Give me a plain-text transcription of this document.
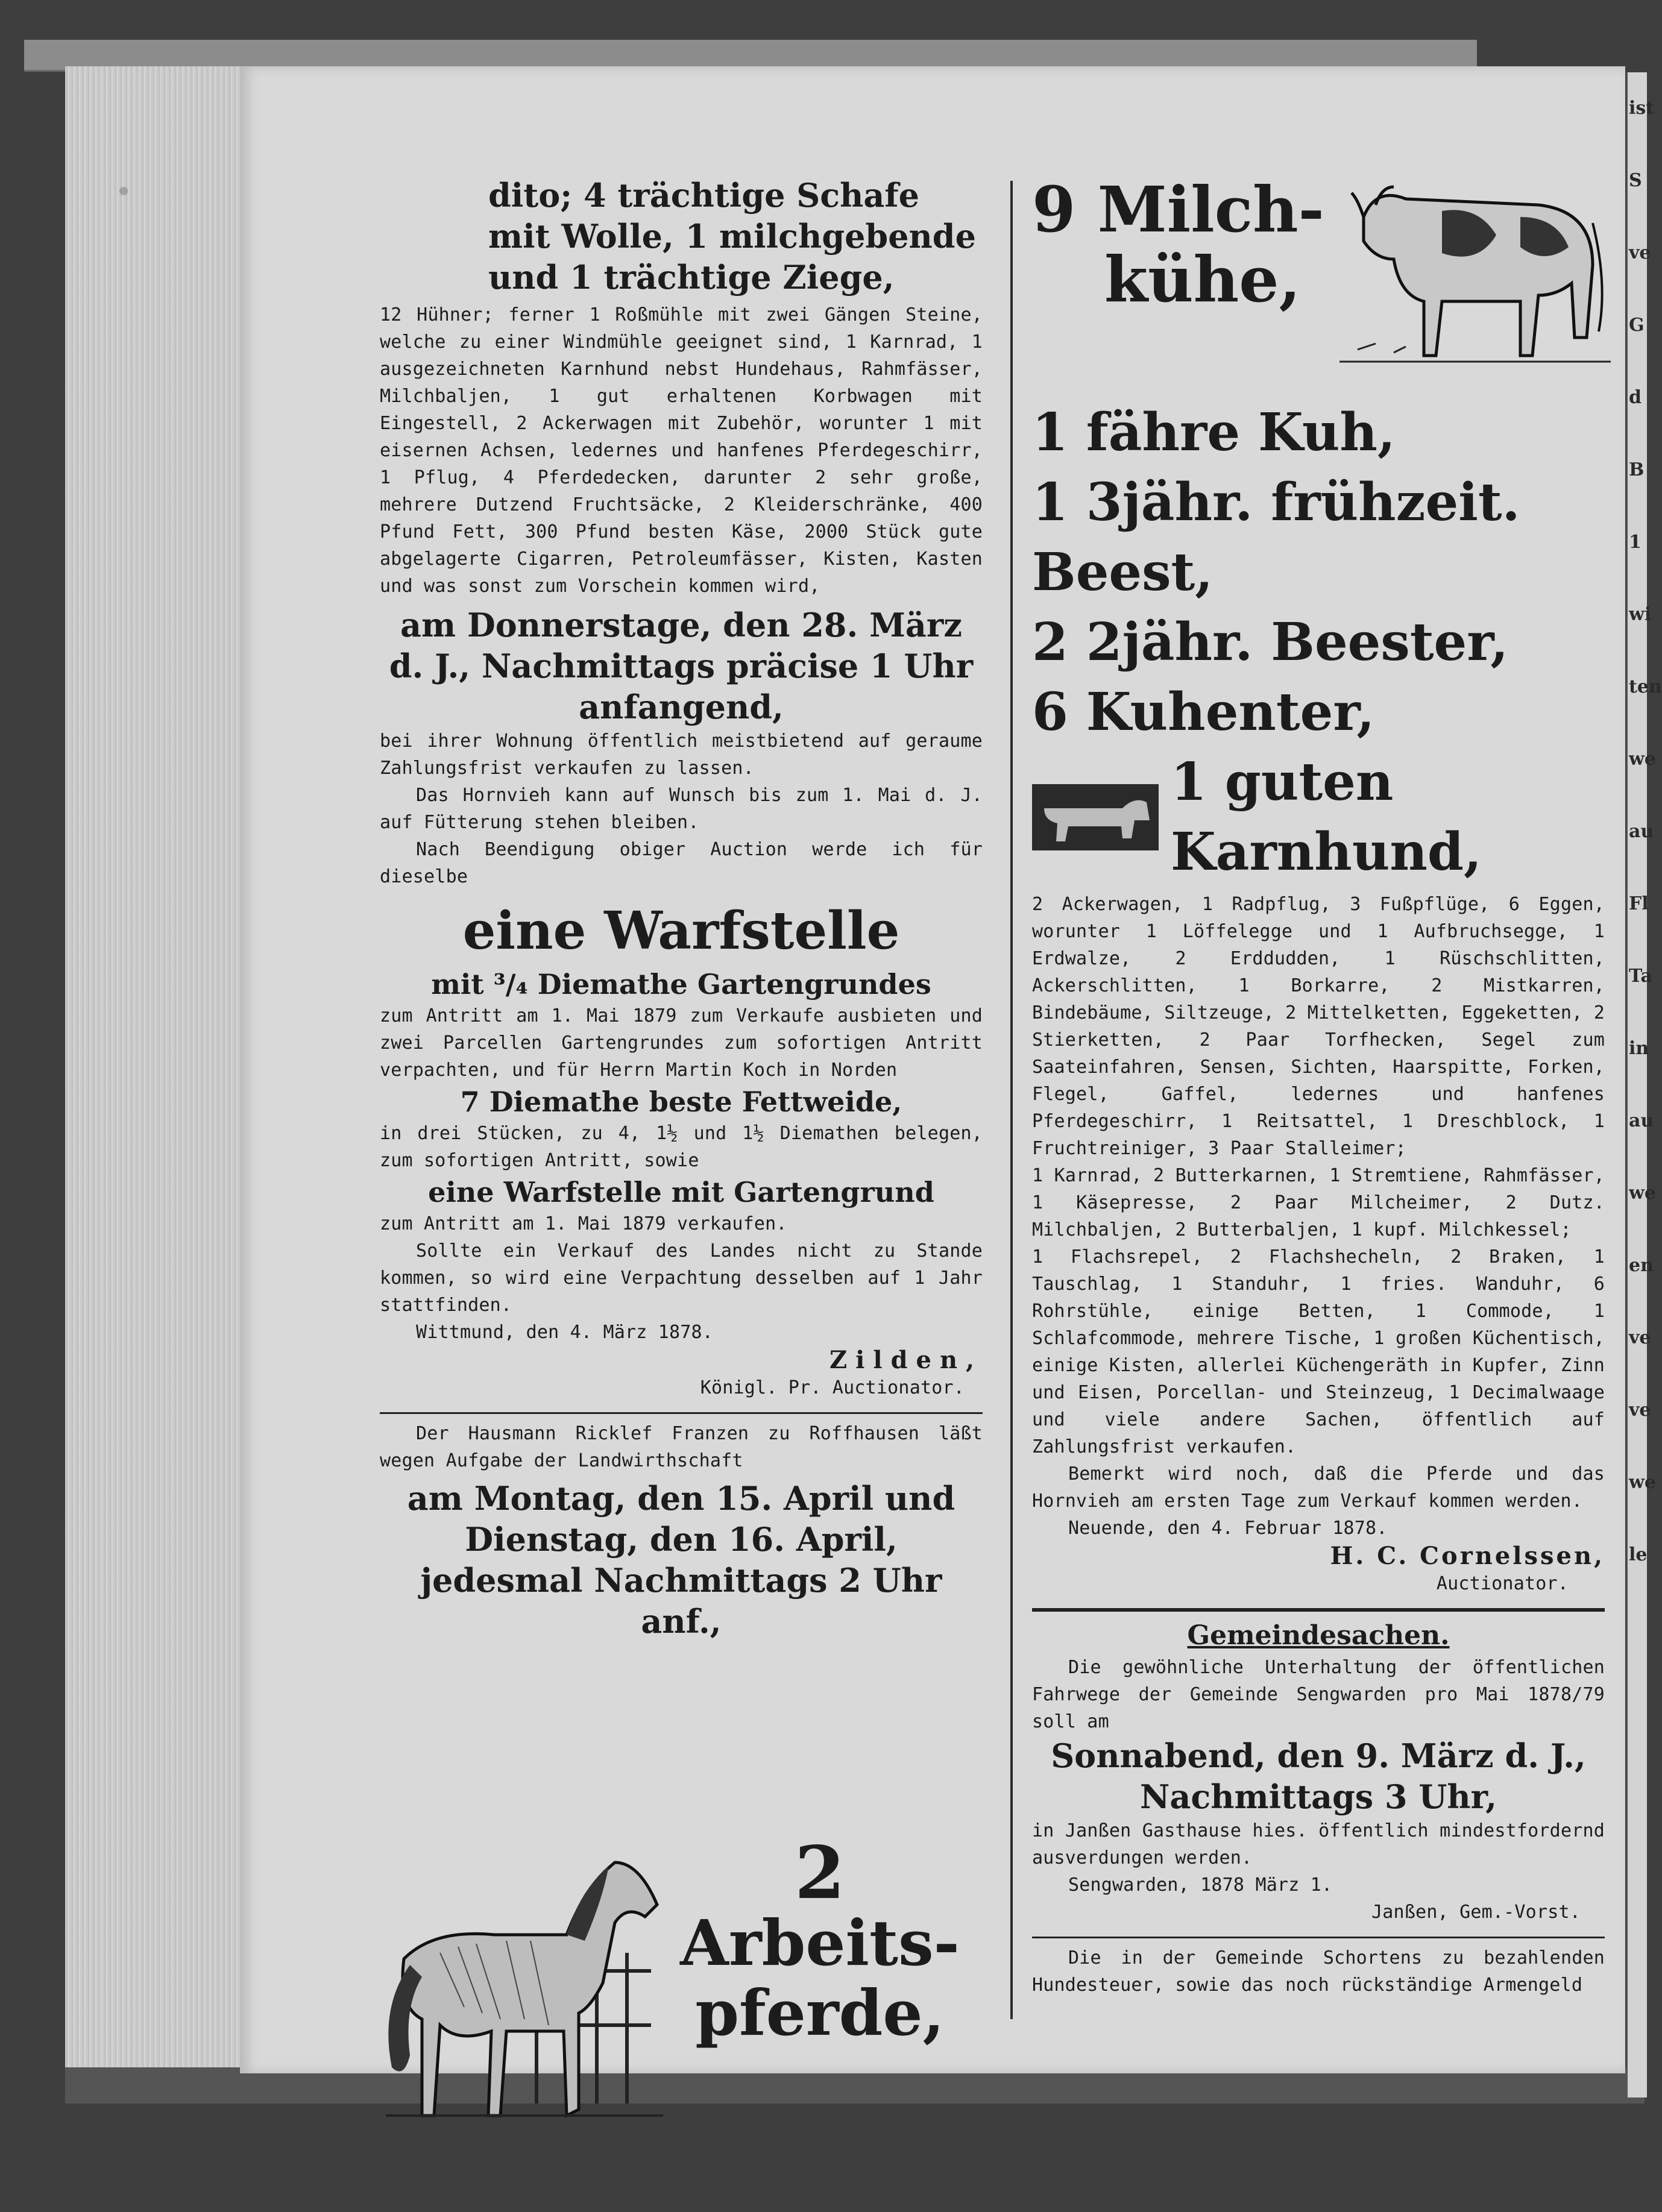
ist
S
ve
G
d
B
1
wi
ten
we
au
Fl
Ta
in
au
we
en
ve
ve
we
le
dito; 4 trächtige Schafe mit Wolle, 1 milchgebende und 1 trächtige Ziege,
12 Hühner; ferner 1 Roßmühle mit zwei Gängen Steine, welche zu einer Windmühle geeignet sind, 1 Karnrad, 1 ausgezeichneten Karnhund nebst Hundehaus, Rahmfässer, Milchbaljen, 1 gut erhaltenen Korbwagen mit Eingestell, 2 Ackerwagen mit Zubehör, worunter 1 mit eisernen Achsen, ledernes und hanfenes Pferdegeschirr, 1 Pflug, 4 Pferdedecken, darunter 2 sehr große, mehrere Dutzend Fruchtsäcke, 2 Kleiderschränke, 400 Pfund Fett, 300 Pfund besten Käse, 2000 Stück gute abgelagerte Cigarren, Petroleumfässer, Kisten, Kasten und was sonst zum Vorschein kommen wird,
am Donnerstage, den 28. März d. J., Nachmittags präcise 1 Uhr anfangend,
bei ihrer Wohnung öffentlich meistbietend auf geraume Zahlungsfrist verkaufen zu lassen.
Das Hornvieh kann auf Wunsch bis zum 1. Mai d. J. auf Fütterung stehen bleiben.
Nach Beendigung obiger Auction werde ich für dieselbe
eine Warfstelle
mit ³/₄ Diemathe Gartengrundes
zum Antritt am 1. Mai 1879 zum Verkaufe ausbieten und zwei Parcellen Gartengrundes zum sofortigen Antritt verpachten, und für Herrn Martin Koch in Norden
7 Diemathe beste Fettweide,
in drei Stücken, zu 4, 1½ und 1½ Diemathen belegen, zum sofortigen Antritt, sowie
eine Warfstelle mit Gartengrund
zum Antritt am 1. Mai 1879 verkaufen.
Sollte ein Verkauf des Landes nicht zu Stande kommen, so wird eine Verpachtung desselben auf 1 Jahr stattfinden.
Wittmund, den 4. März 1878.
Zilden,
Königl. Pr. Auctionator.
Der Hausmann Ricklef Franzen zu Roffhausen läßt wegen Aufgabe der Landwirthschaft
am Montag, den 15. April und Dienstag, den 16. April, jedesmal Nachmittags 2 Uhr anf.,
2
Arbeits-
pferde,
9 Milch-
kühe,
1 fähre Kuh,
1 3jähr. frühzeit. Beest,
2 2jähr. Beester,
6 Kuhenter,
1 guten Karnhund,
2 Ackerwagen, 1 Radpflug, 3 Fußpflüge, 6 Eggen, worunter 1 Löffelegge und 1 Aufbruchsegge, 1 Erdwalze, 2 Erddudden, 1 Rüschschlitten, Ackerschlitten, 1 Borkarre, 2 Mistkarren, Bindebäume, Siltzeuge, 2 Mittelketten, Eggeketten, 2 Stierketten, 2 Paar Torfhecken, Segel zum Saateinfahren, Sensen, Sichten, Haarspitte, Forken, Flegel, Gaffel, ledernes und hanfenes Pferdegeschirr, 1 Reitsattel, 1 Dreschblock, 1 Fruchtreiniger, 3 Paar Stalleimer;
1 Karnrad, 2 Butterkarnen, 1 Stremtiene, Rahmfässer, 1 Käsepresse, 2 Paar Milcheimer, 2 Dutz. Milchbaljen, 2 Butterbaljen, 1 kupf. Milchkessel;
1 Flachsrepel, 2 Flachshecheln, 2 Braken, 1 Tauschlag, 1 Standuhr, 1 fries. Wanduhr, 6 Rohrstühle, einige Betten, 1 Commode, 1 Schlafcommode, mehrere Tische, 1 großen Küchentisch, einige Kisten, allerlei Küchengeräth in Kupfer, Zinn und Eisen, Porcellan- und Steinzeug, 1 Decimalwaage und viele andere Sachen, öffentlich auf Zahlungsfrist verkaufen.
Bemerkt wird noch, daß die Pferde und das Hornvieh am ersten Tage zum Verkauf kommen werden.
Neuende, den 4. Februar 1878.
H. C. Cornelssen,
Auctionator.
Gemeindesachen.
Die gewöhnliche Unterhaltung der öffentlichen Fahrwege der Gemeinde Sengwarden pro Mai 1878/79 soll am
Sonnabend, den 9. März d. J., Nachmittags 3 Uhr,
in Janßen Gasthause hies. öffentlich mindestfordernd ausverdungen werden.
Sengwarden, 1878 März 1.
Janßen, Gem.-Vorst.
Die in der Gemeinde Schortens zu bezahlenden Hundesteuer, sowie das noch rückständige Armengeld
